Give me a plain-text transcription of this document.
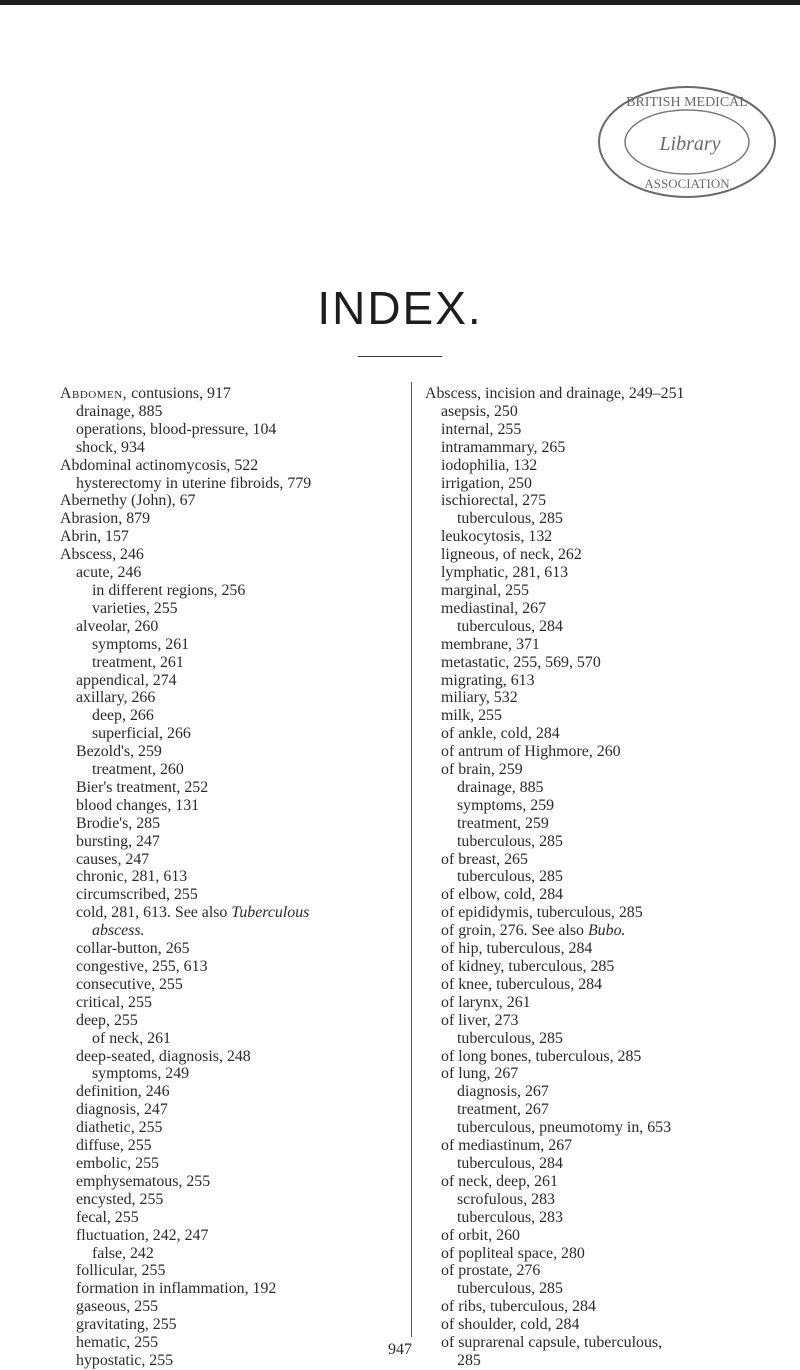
BRITISH MEDICAL
Library
ASSOCIATION
INDEX.
Abdomen, contusions, 917
drainage, 885
operations, blood-pressure, 104
shock, 934
Abdominal actinomycosis, 522
hysterectomy in uterine fibroids, 779
Abernethy (John), 67
Abrasion, 879
Abrin, 157
Abscess, 246
acute, 246
in different regions, 256
varieties, 255
alveolar, 260
symptoms, 261
treatment, 261
appendical, 274
axillary, 266
deep, 266
superficial, 266
Bezold's, 259
treatment, 260
Bier's treatment, 252
blood changes, 131
Brodie's, 285
bursting, 247
causes, 247
chronic, 281, 613
circumscribed, 255
cold, 281, 613. See also Tuberculous
abscess.
collar-button, 265
congestive, 255, 613
consecutive, 255
critical, 255
deep, 255
of neck, 261
deep-seated, diagnosis, 248
symptoms, 249
definition, 246
diagnosis, 247
diathetic, 255
diffuse, 255
embolic, 255
emphysematous, 255
encysted, 255
fecal, 255
fluctuation, 242, 247
false, 242
follicular, 255
formation in inflammation, 192
gaseous, 255
gravitating, 255
hematic, 255
hypostatic, 255
Abscess, incision and drainage, 249–251
asepsis, 250
internal, 255
intramammary, 265
iodophilia, 132
irrigation, 250
ischiorectal, 275
tuberculous, 285
leukocytosis, 132
ligneous, of neck, 262
lymphatic, 281, 613
marginal, 255
mediastinal, 267
tuberculous, 284
membrane, 371
metastatic, 255, 569, 570
migrating, 613
miliary, 532
milk, 255
of ankle, cold, 284
of antrum of Highmore, 260
of brain, 259
drainage, 885
symptoms, 259
treatment, 259
tuberculous, 285
of breast, 265
tuberculous, 285
of elbow, cold, 284
of epididymis, tuberculous, 285
of groin, 276. See also Bubo.
of hip, tuberculous, 284
of kidney, tuberculous, 285
of knee, tuberculous, 284
of larynx, 261
of liver, 273
tuberculous, 285
of long bones, tuberculous, 285
of lung, 267
diagnosis, 267
treatment, 267
tuberculous, pneumotomy in, 653
of mediastinum, 267
tuberculous, 284
of neck, deep, 261
scrofulous, 283
tuberculous, 283
of orbit, 260
of popliteal space, 280
of prostate, 276
tuberculous, 285
of ribs, tuberculous, 284
of shoulder, cold, 284
of suprarenal capsule, tuberculous,
285
947
